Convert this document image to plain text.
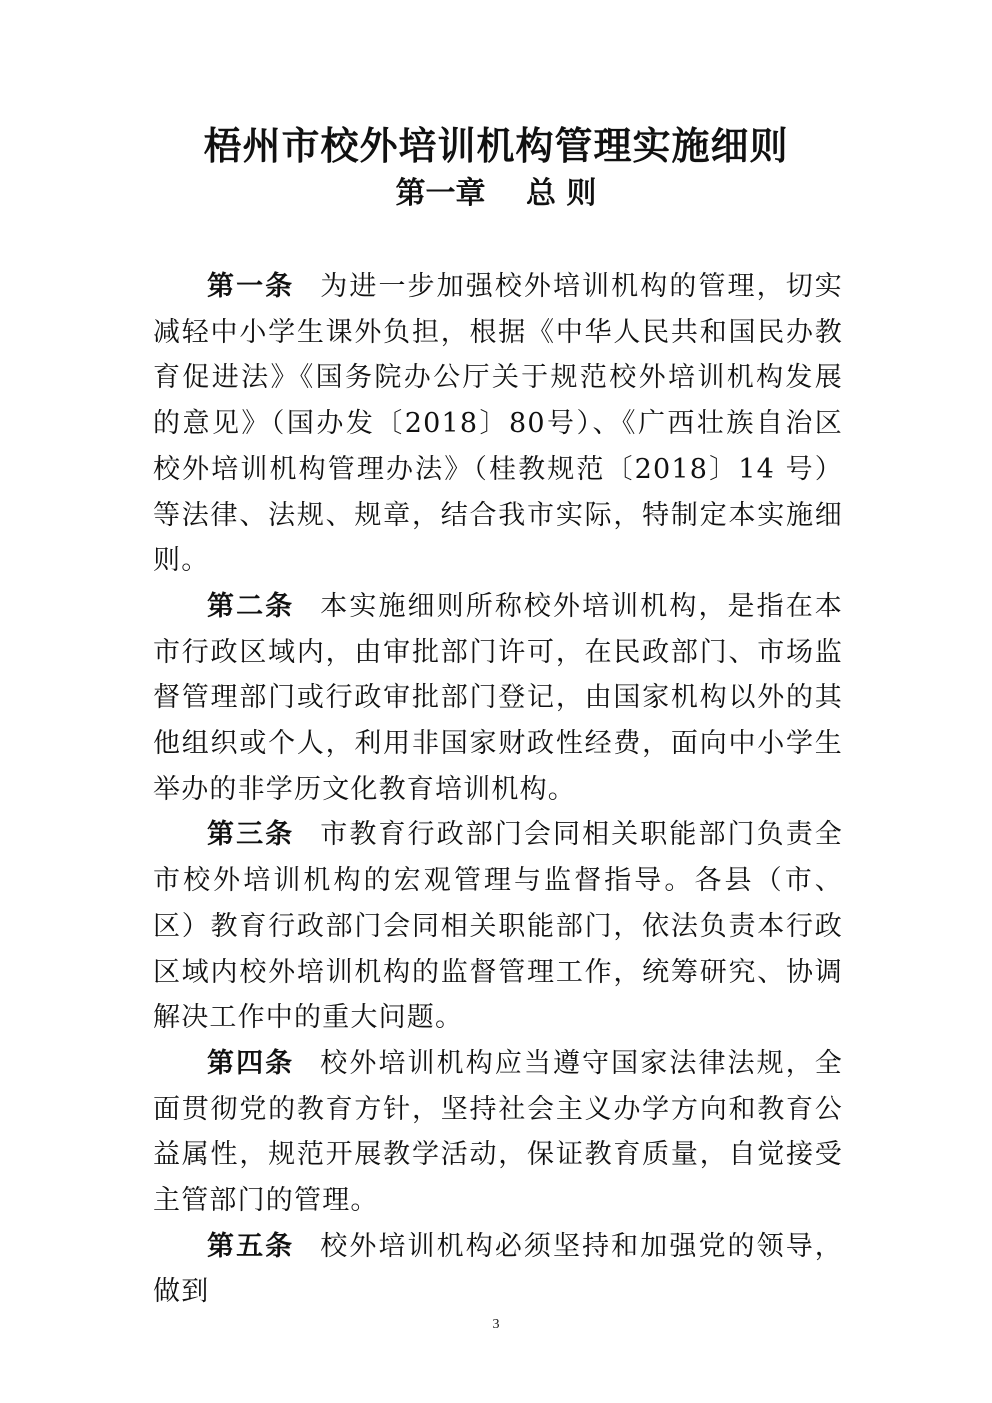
梧州市校外培训机构管理实施细则
第一章　 总 则

第一条 为进一步加强校外培训机构的管理，切实减轻中小学生课外负担，根据《中华人民共和国民办教育促进法》《国务院办公厅关于规范校外培训机构发展的意见》（国办发〔2018〕80号）、《广西壮族自治区校外培训机构管理办法》（桂教规范〔2018〕14 号）等法律、法规、规章，结合我市实际，特制定本实施细则。

第二条 本实施细则所称校外培训机构，是指在本市行政区域内，由审批部门许可，在民政部门、市场监督管理部门或行政审批部门登记，由国家机构以外的其他组织或个人，利用非国家财政性经费，面向中小学生举办的非学历文化教育培训机构。

第三条 市教育行政部门会同相关职能部门负责全市校外培训机构的宏观管理与监督指导。各县（市、区）教育行政部门会同相关职能部门，依法负责本行政区域内校外培训机构的监督管理工作，统筹研究、协调解决工作中的重大问题。

第四条 校外培训机构应当遵守国家法律法规，全面贯彻党的教育方针，坚持社会主义办学方向和教育公益属性，规范开展教学活动，保证教育质量，自觉接受主管部门的管理。

第五条 校外培训机构必须坚持和加强党的领导，做到

3
